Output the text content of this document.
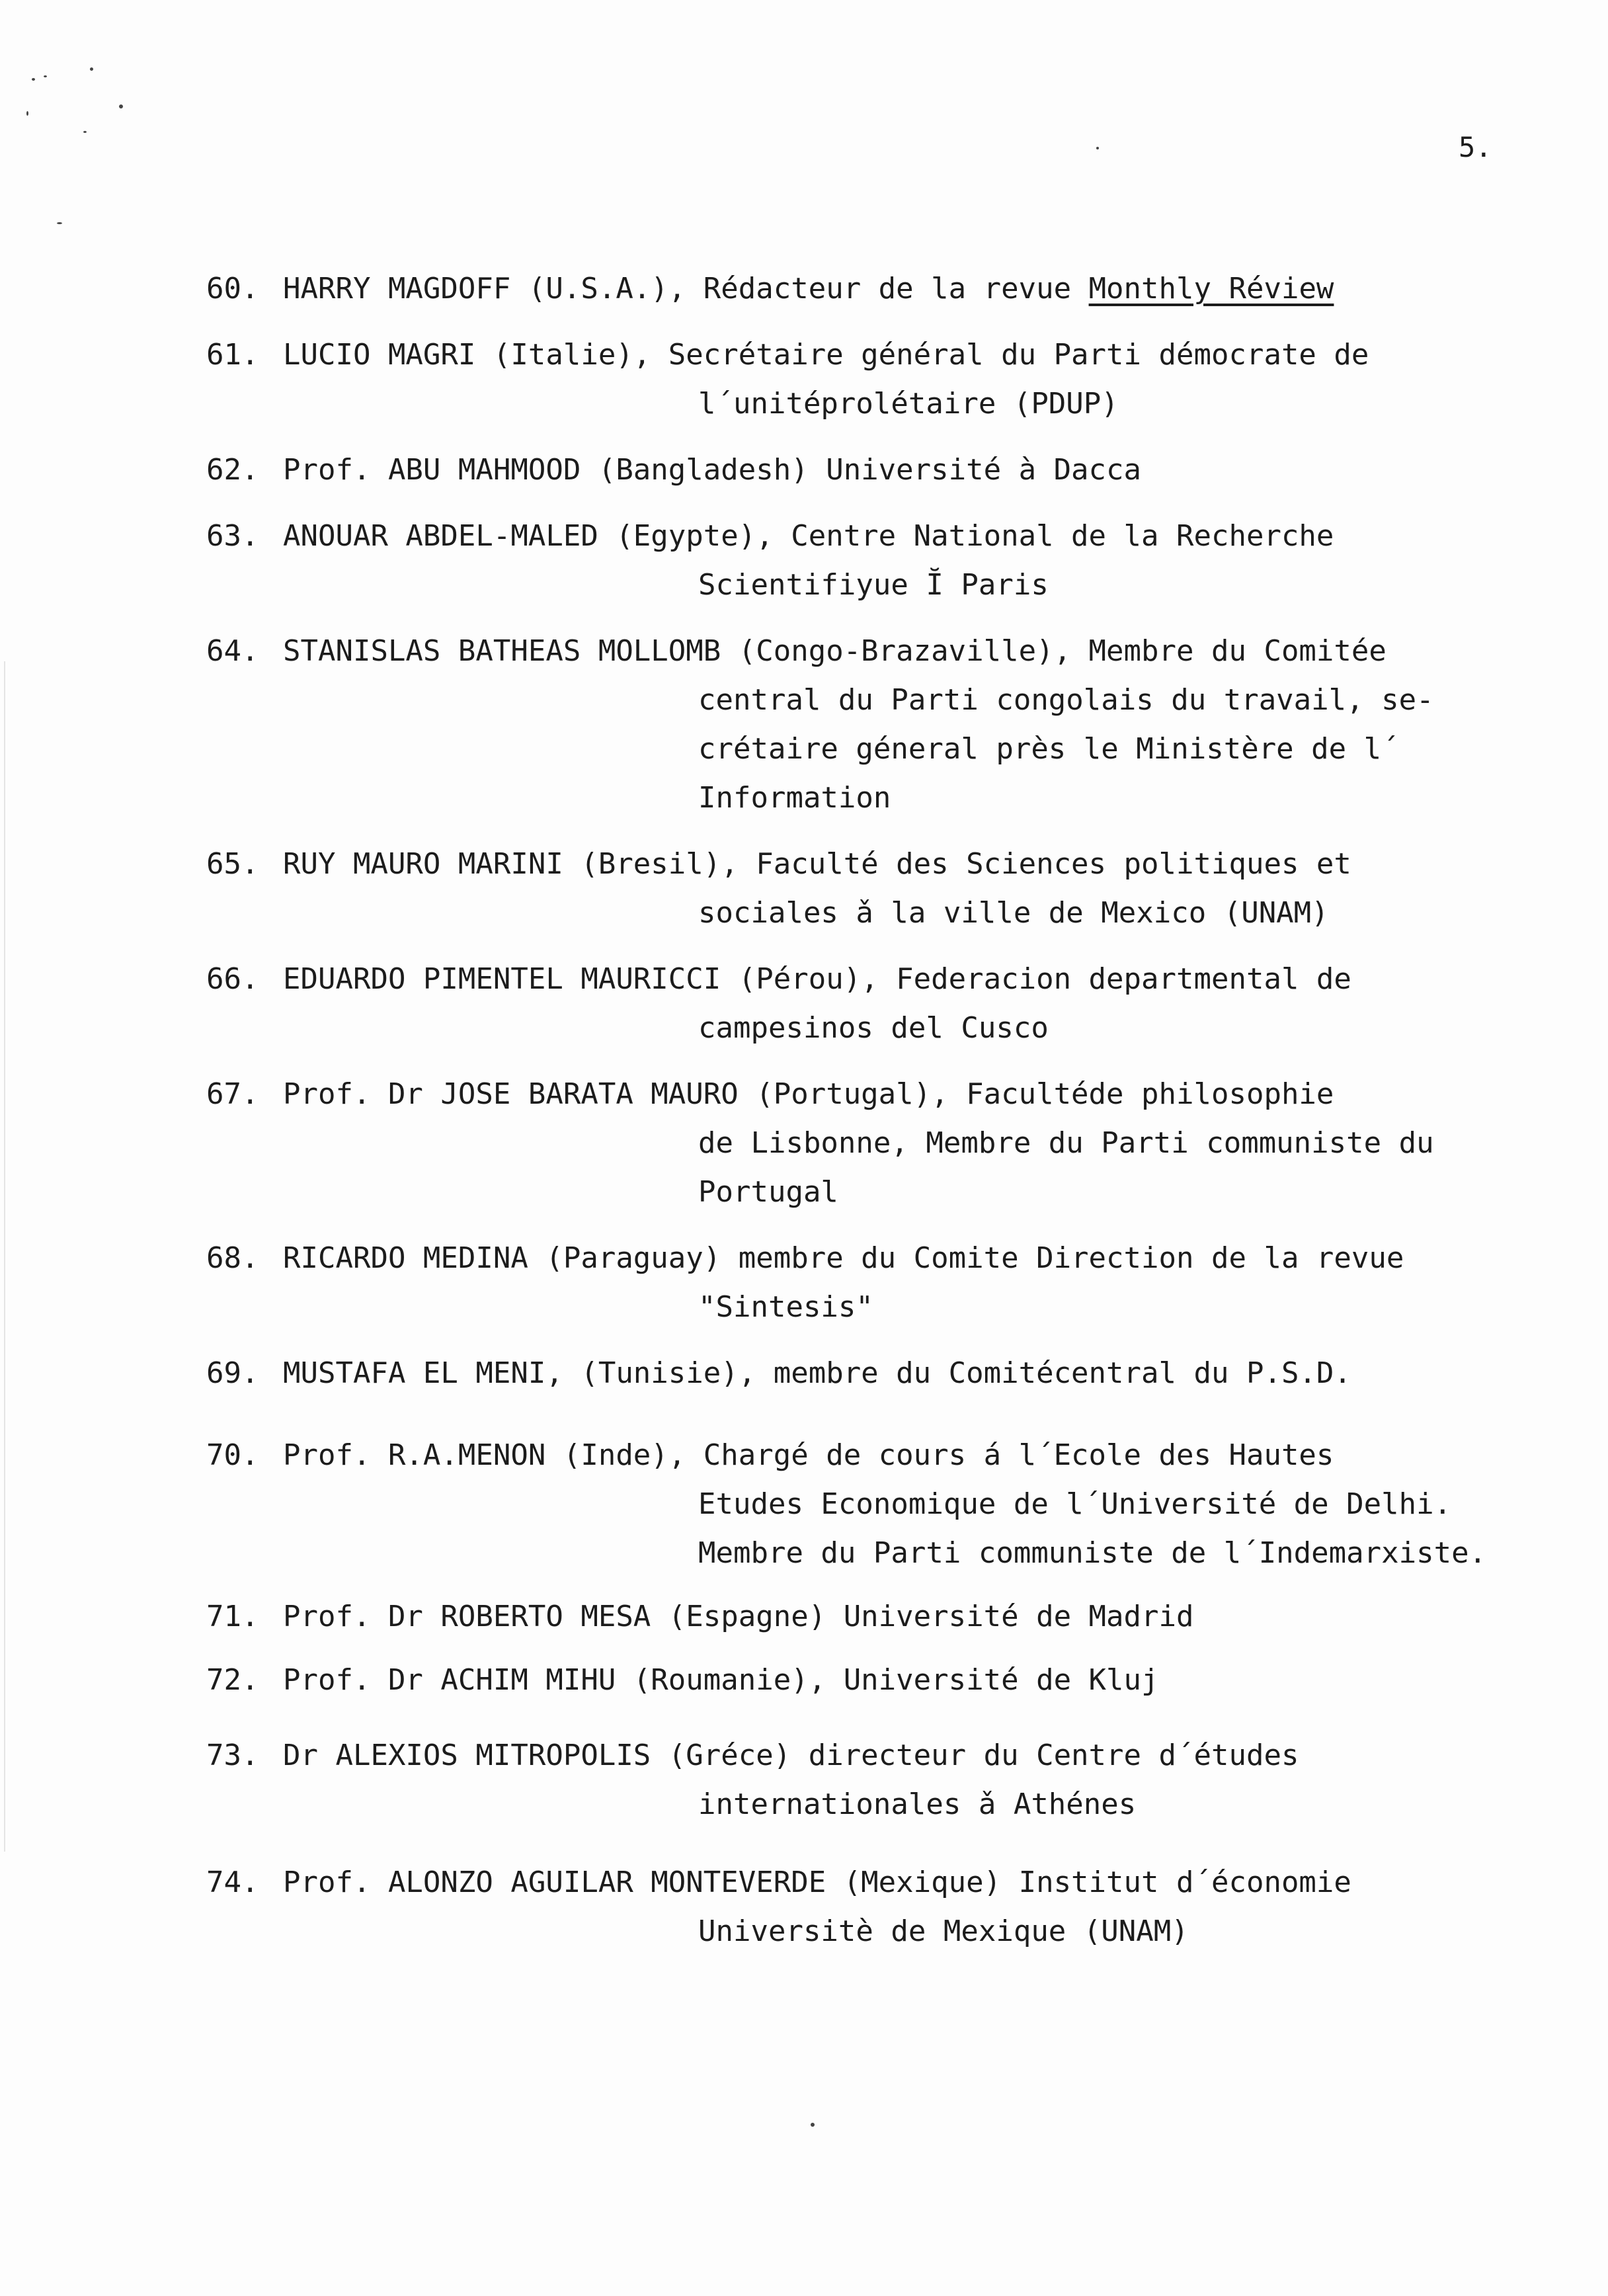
5.
60. HARRY MAGDOFF (U.S.A.), Rédacteur de la revue Monthly Réview
61. LUCIO MAGRI (Italie), Secrétaire général du Parti démocrate de
l´unitéprolétaire (PDUP)
62. Prof. ABU MAHMOOD (Bangladesh) Université à Dacca
63. ANOUAR ABDEL-MALED (Egypte), Centre National de la Recherche
Scientifiyue Ĭ Paris
64. STANISLAS BATHEAS MOLLOMB (Congo-Brazaville), Membre du Comitée
central du Parti congolais du travail, se-
crétaire géneral près le Ministère de l´
Information
65. RUY MAURO MARINI (Bresil), Faculté des Sciences politiques et
sociales ǎ la ville de Mexico (UNAM)
66. EDUARDO PIMENTEL MAURICCI (Pérou), Federacion departmental de
campesinos del Cusco
67. Prof. Dr JOSE BARATA MAURO (Portugal), Facultéde philosophie
de Lisbonne, Membre du Parti communiste du
Portugal
68. RICARDO MEDINA (Paraguay) membre du Comite Direction de la revue
"Sintesis"
69. MUSTAFA EL MENI, (Tunisie), membre du Comitécentral du P.S.D.
70. Prof. R.A.MENON (Inde), Chargé de cours á l´Ecole des Hautes
Etudes Economique de l´Université de Delhi.
Membre du Parti communiste de l´Indemarxiste.
71. Prof. Dr ROBERTO MESA (Espagne) Université de Madrid
72. Prof. Dr ACHIM MIHU (Roumanie), Université de Kluj
73. Dr ALEXIOS MITROPOLIS (Gréce) directeur du Centre d´études
internationales ǎ Athénes
74. Prof. ALONZO AGUILAR MONTEVERDE (Mexique) Institut d´économie
Universitè de Mexique (UNAM)
